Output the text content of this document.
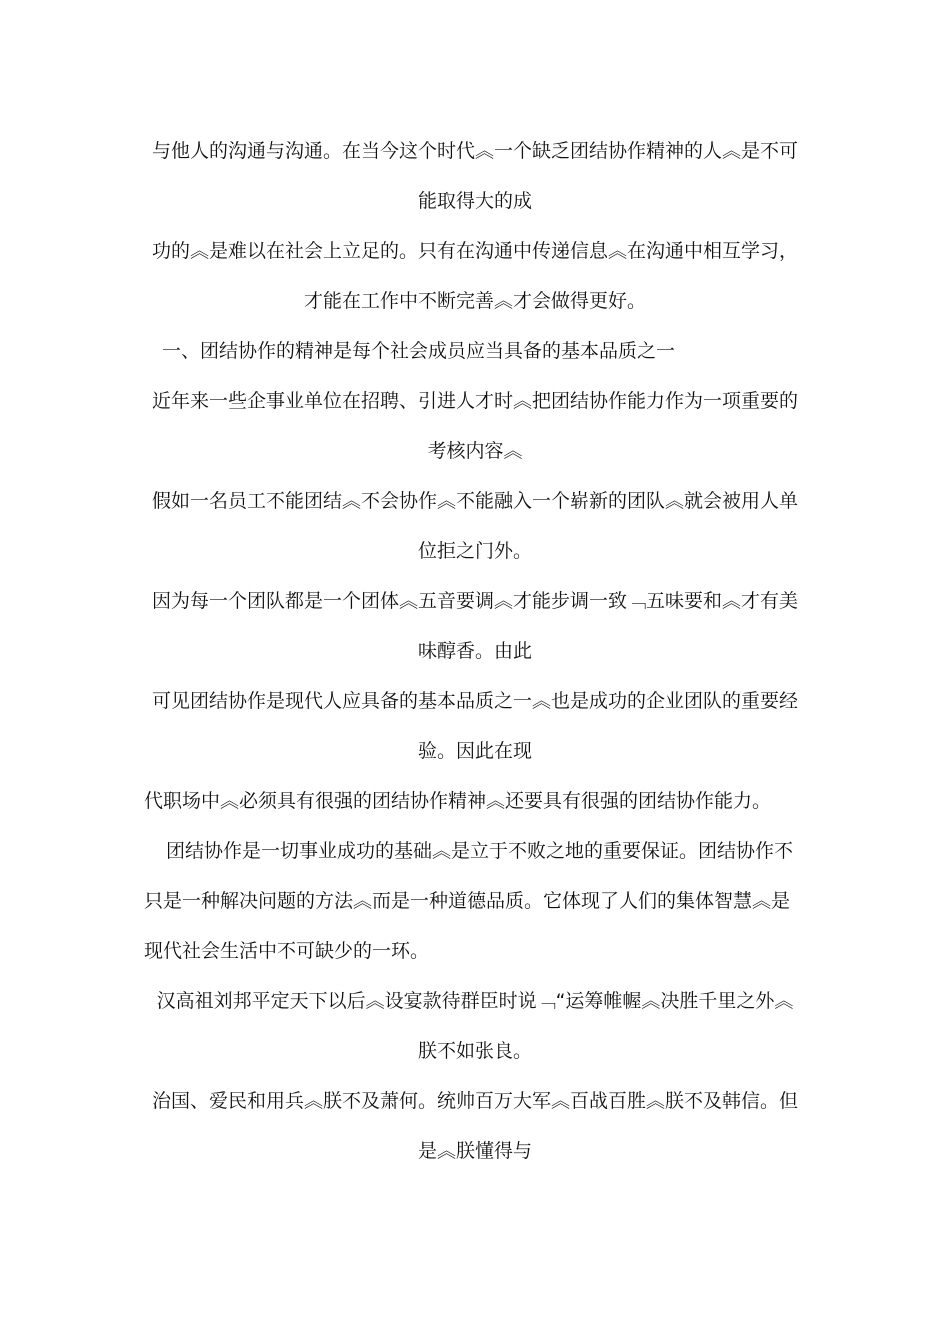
与他人的沟通与沟通。在当今这个时代︽一个缺乏团结协作精神的人︽是不可
能取得大的成
功的︽是难以在社会上立足的。只有在沟通中传递信息︽在沟通中相互学习，
才能在工作中不断完善︽才会做得更好。
一、团结协作的精神是每个社会成员应当具备的基本品质之一
近年来一些企事业单位在招聘、引进人才时︽把团结协作能力作为一项重要的
考核内容︽
假如一名员工不能团结︽不会协作︽不能融入一个崭新的团队︽就会被用人单
位拒之门外。
因为每一个团队都是一个团体︽五音要调︽才能步调一致﹁五味要和︽才有美
味醇香。由此
可见团结协作是现代人应具备的基本品质之一︽也是成功的企业团队的重要经
验。因此在现
代职场中︽必须具有很强的团结协作精神︽还要具有很强的团结协作能力。
团结协作是一切事业成功的基础︽是立于不败之地的重要保证。团结协作不
只是一种解决问题的方法︽而是一种道德品质。它体现了人们的集体智慧︽是
现代社会生活中不可缺少的一环。
汉高祖刘邦平定天下以后︽设宴款待群臣时说﹁“运筹帷幄︽决胜千里之外︽
朕不如张良。
治国、爱民和用兵︽朕不及萧何。统帅百万大军︽百战百胜︽朕不及韩信。但
是︽朕懂得与
